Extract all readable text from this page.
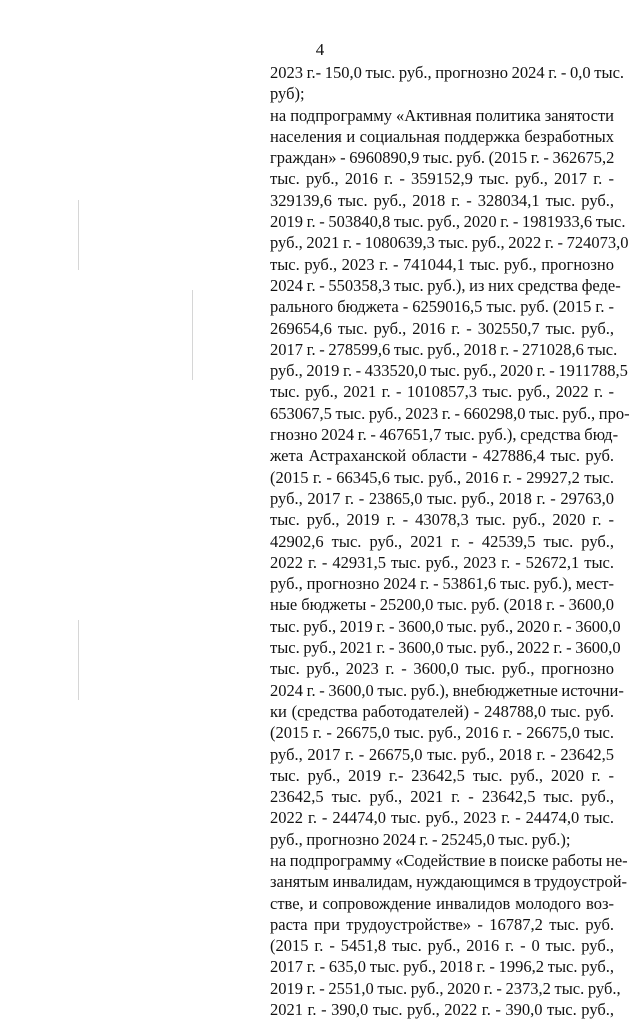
4
2023 г.- 150,0 тыс. руб., прогнозно 2024 г. - 0,0 тыс.
руб);
на подпрограмму «Активная политика занятости
населения и социальная поддержка безработных
граждан» - 6960890,9 тыс. руб. (2015 г. - 362675,2
тыс. руб., 2016 г. - 359152,9 тыс. руб., 2017 г. -
329139,6 тыс. руб., 2018 г. - 328034,1 тыс. руб.,
2019 г. - 503840,8 тыс. руб., 2020 г. - 1981933,6 тыс.
руб., 2021 г. - 1080639,3 тыс. руб., 2022 г. - 724073,0
тыс. руб., 2023 г. - 741044,1 тыс. руб., прогнозно
2024 г. - 550358,3 тыс. руб.), из них средства феде-
рального бюджета - 6259016,5 тыс. руб. (2015 г. -
269654,6 тыс. руб., 2016 г. - 302550,7 тыс. руб.,
2017 г. - 278599,6 тыс. руб., 2018 г. - 271028,6 тыс.
руб., 2019 г. - 433520,0 тыс. руб., 2020 г. - 1911788,5
тыс. руб., 2021 г. - 1010857,3 тыс. руб., 2022 г. -
653067,5 тыс. руб., 2023 г. - 660298,0 тыс. руб., про-
гнозно 2024 г. - 467651,7 тыс. руб.), средства бюд-
жета Астраханской области - 427886,4 тыс. руб.
(2015 г. - 66345,6 тыс. руб., 2016 г. - 29927,2 тыс.
руб., 2017 г. - 23865,0 тыс. руб., 2018 г. - 29763,0
тыс. руб., 2019 г. - 43078,3 тыс. руб., 2020 г. -
42902,6 тыс. руб., 2021 г. - 42539,5 тыс. руб.,
2022 г. - 42931,5 тыс. руб., 2023 г. - 52672,1 тыс.
руб., прогнозно 2024 г. - 53861,6 тыс. руб.), мест-
ные бюджеты - 25200,0 тыс. руб. (2018 г. - 3600,0
тыс. руб., 2019 г. - 3600,0 тыс. руб., 2020 г. - 3600,0
тыс. руб., 2021 г. - 3600,0 тыс. руб., 2022 г. - 3600,0
тыс. руб., 2023 г. - 3600,0 тыс. руб., прогнозно
2024 г. - 3600,0 тыс. руб.), внебюджетные источни-
ки (средства работодателей) - 248788,0 тыс. руб.
(2015 г. - 26675,0 тыс. руб., 2016 г. - 26675,0 тыс.
руб., 2017 г. - 26675,0 тыс. руб., 2018 г. - 23642,5
тыс. руб., 2019 г.- 23642,5 тыс. руб., 2020 г. -
23642,5 тыс. руб., 2021 г. - 23642,5 тыс. руб.,
2022 г. - 24474,0 тыс. руб., 2023 г. - 24474,0 тыс.
руб., прогнозно 2024 г. - 25245,0 тыс. руб.);
на подпрограмму «Содействие в поиске работы не-
занятым инвалидам, нуждающимся в трудоустрой-
стве, и сопровождение инвалидов молодого воз-
раста при трудоустройстве» - 16787,2 тыс. руб.
(2015 г. - 5451,8 тыс. руб., 2016 г. - 0 тыс. руб.,
2017 г. - 635,0 тыс. руб., 2018 г. - 1996,2 тыс. руб.,
2019 г. - 2551,0 тыс. руб., 2020 г. - 2373,2 тыс. руб.,
2021 г. - 390,0 тыс. руб., 2022 г. - 390,0 тыс. руб.,
